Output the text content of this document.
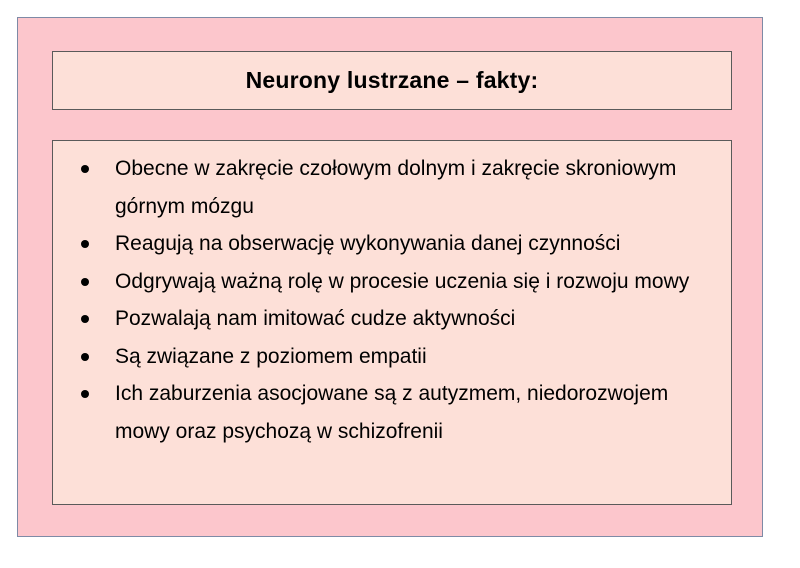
Neurony lustrzane – fakty:
Obecne w zakręcie czołowym dolnym i zakręcie skroniowym górnym mózgu
Reagują na obserwację wykonywania danej czynności
Odgrywają ważną rolę w procesie uczenia się i rozwoju mowy
Pozwalają nam imitować cudze aktywności
Są związane z poziomem empatii
Ich zaburzenia asocjowane są z autyzmem, niedorozwojem mowy oraz psychozą w schizofrenii
